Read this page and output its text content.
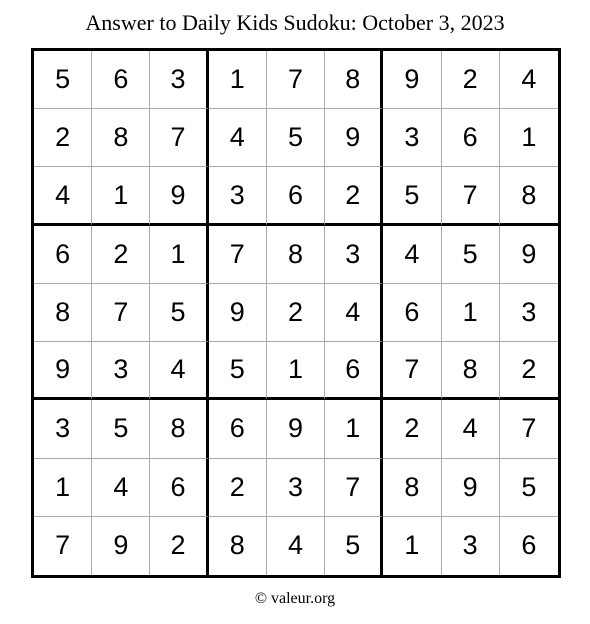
Answer to Daily Kids Sudoku: October 3, 2023
5	6	3	1	7	8	9	2	4
2	8	7	4	5	9	3	6	1
4	1	9	3	6	2	5	7	8
6	2	1	7	8	3	4	5	9
8	7	5	9	2	4	6	1	3
9	3	4	5	1	6	7	8	2
3	5	8	6	9	1	2	4	7
1	4	6	2	3	7	8	9	5
7	9	2	8	4	5	1	3	6
© valeur.org
